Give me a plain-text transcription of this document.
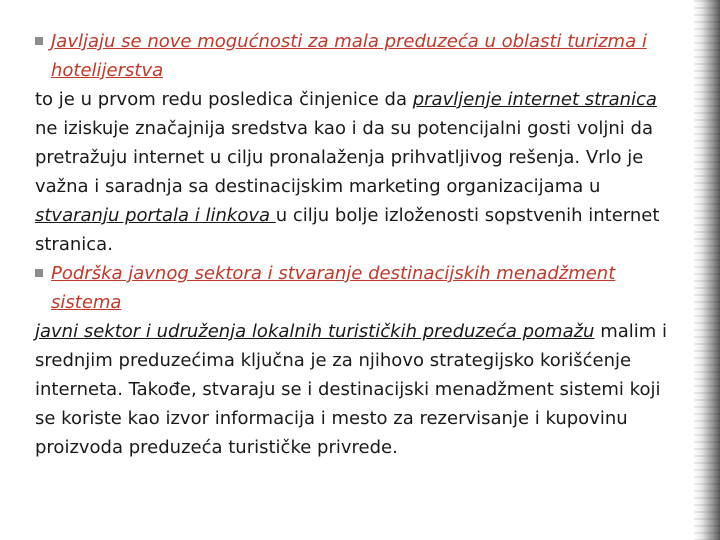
Javljaju se nove mogućnosti za mala preduzeća u oblasti turizma i hotelijerstva

to je u prvom redu posledica činjenice da pravljenje internet stranica ne iziskuje značajnija sredstva kao i da su potencijalni gosti voljni da pretražuju internet u cilju pronalaženja prihvatljivog rešenja. Vrlo je važna i saradnja sa destinacijskim marketing organizacijama u stvaranju portala i linkova u cilju bolje izloženosti sopstvenih internet stranica.

Podrška javnog sektora i stvaranje destinacijskih menadžment sistema

javni sektor i udruženja lokalnih turističkih preduzeća pomažu malim i srednjim preduzećima ključna je za njihovo strategijsko korišćenje interneta. Takođe, stvaraju se i destinacijski menadžment sistemi koji se koriste kao izvor informacija i mesto za rezervisanje i kupovinu proizvoda preduzeća turističke privrede.
